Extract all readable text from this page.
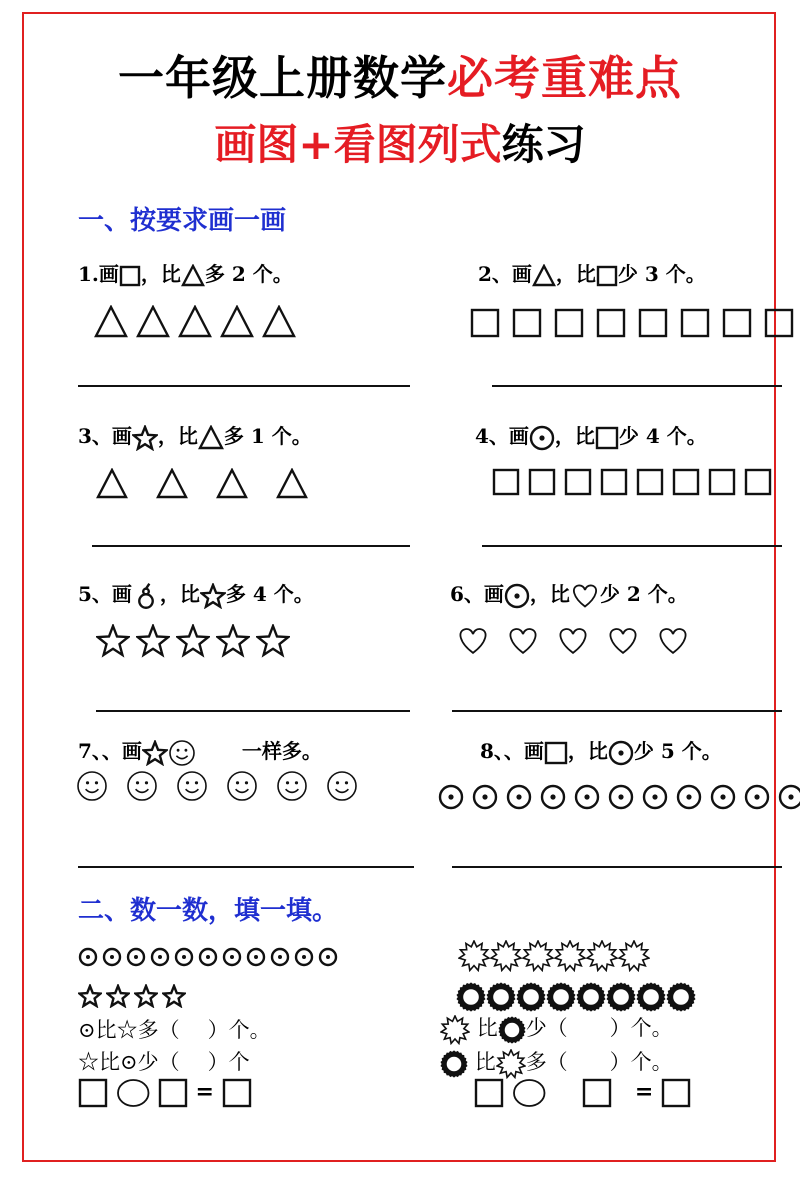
一年级上册数学必考重难点
画图+看图列式练习
一、按要求画一画
1.画 ，比 多 2 个。	2、画 ，比 少 3 个。
3、画 ，比 多 1 个。	4、画 ，比 少 4 个。
5、画 ，比 多 4 个。	6、画 ，比 少 2 个。
7、、画	一样多。	8、、画 ，比 少 5 个。
二、数一数，填一填。
⊙比☆多（ ）个。
☆比⊙少（ ）个
=
比 少（　　）个。
比 多（　　）个。
=
